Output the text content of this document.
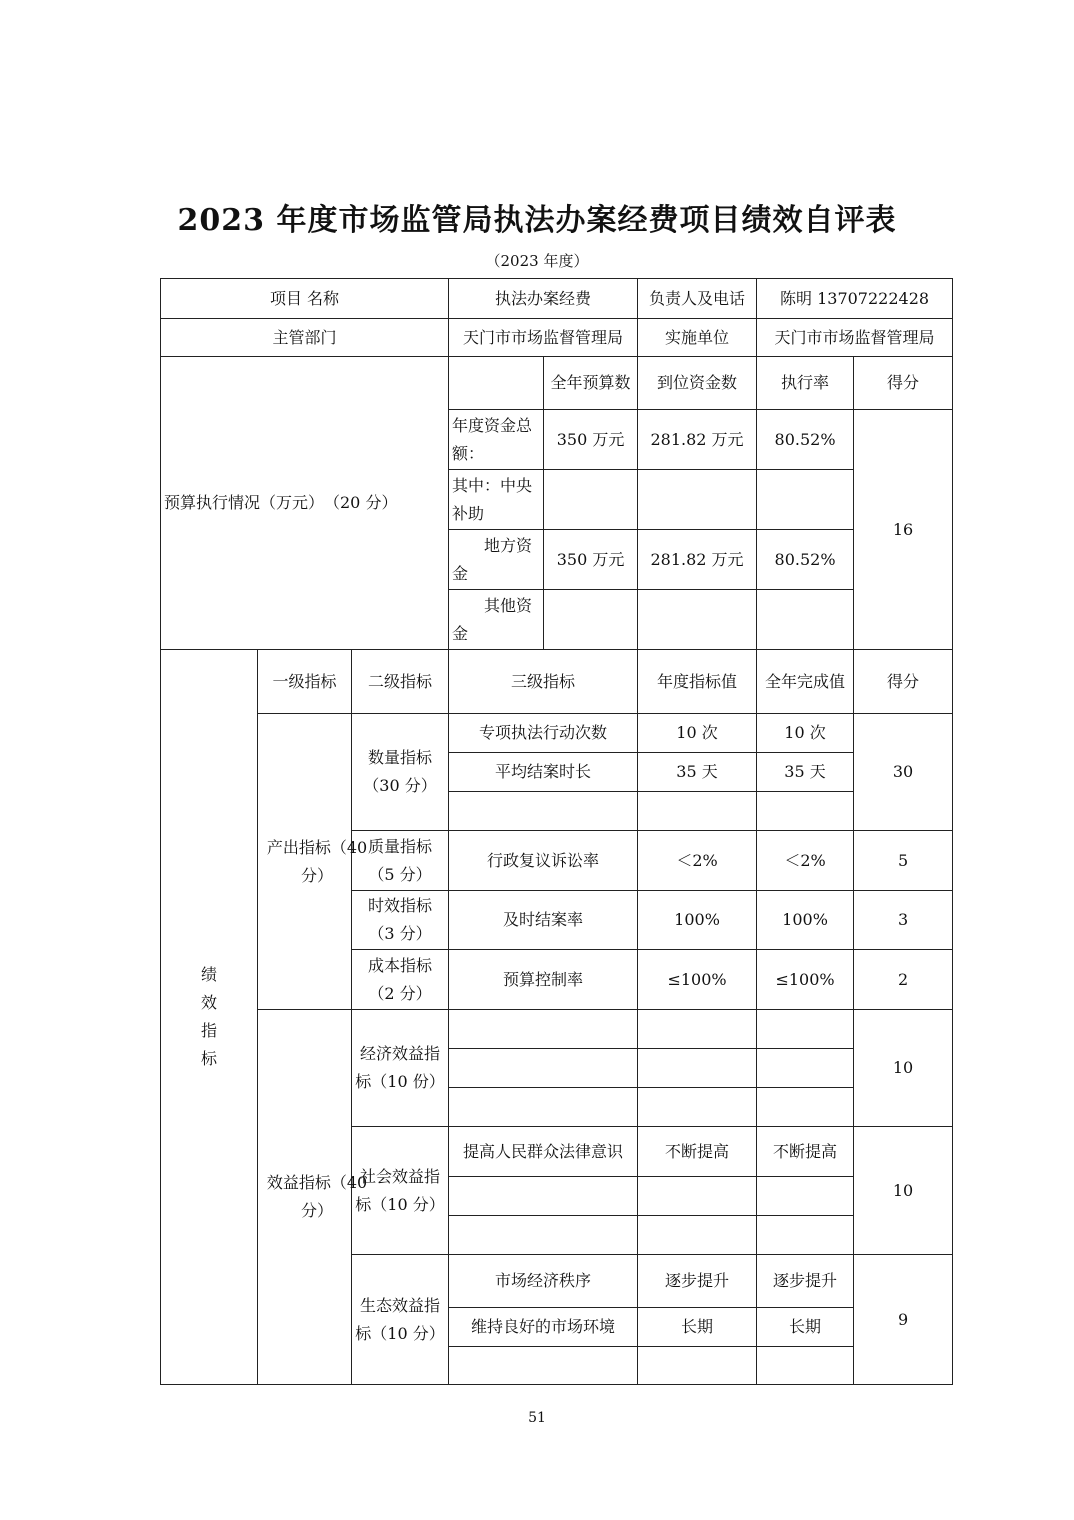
2023 年度市场监管局执法办案经费项目绩效自评表
（2023 年度）
项目 名称			执法办案经费		负责人及电话	陈明 13707222428	
主管部门			天门市市场监督管理局		实施单位	天门市市场监督管理局	
预算执行情况（万元）　（20 分）				全年预算数	到位资金数	执行率	得分
			年度资金总额：	350 万元	281.82 万元	80.52%	16
			其中：中央补助				
			　　地方资金	350 万元	281.82 万元	80.52%	
			　　其他资金				

绩效指标	一级指标	二级指标	三级指标		年度指标值	全年完成值	得分

	产出指标（40 分）	数量指标（30 分）	专项执法行动次数		10 次	10 次	30
			平均结案时长		35 天	35 天	

		质量指标（5 分）	行政复议诉讼率		＜2%	＜2%	5
		时效指标（3 分）	及时结案率		100%	100%	3
		成本指标（2 分）	预算控制率		≤100%	≤100%	2

	效益指标（40 分）	经济效益指标（10 份）					10

		社会效益指标（10 分）	提高人民群众法律意识		不断提高	不断提高	10

		生态效益指标（10 分）	市场经济秩序		逐步提升	逐步提升	9
			维持良好的市场环境		长期	长期	

51
